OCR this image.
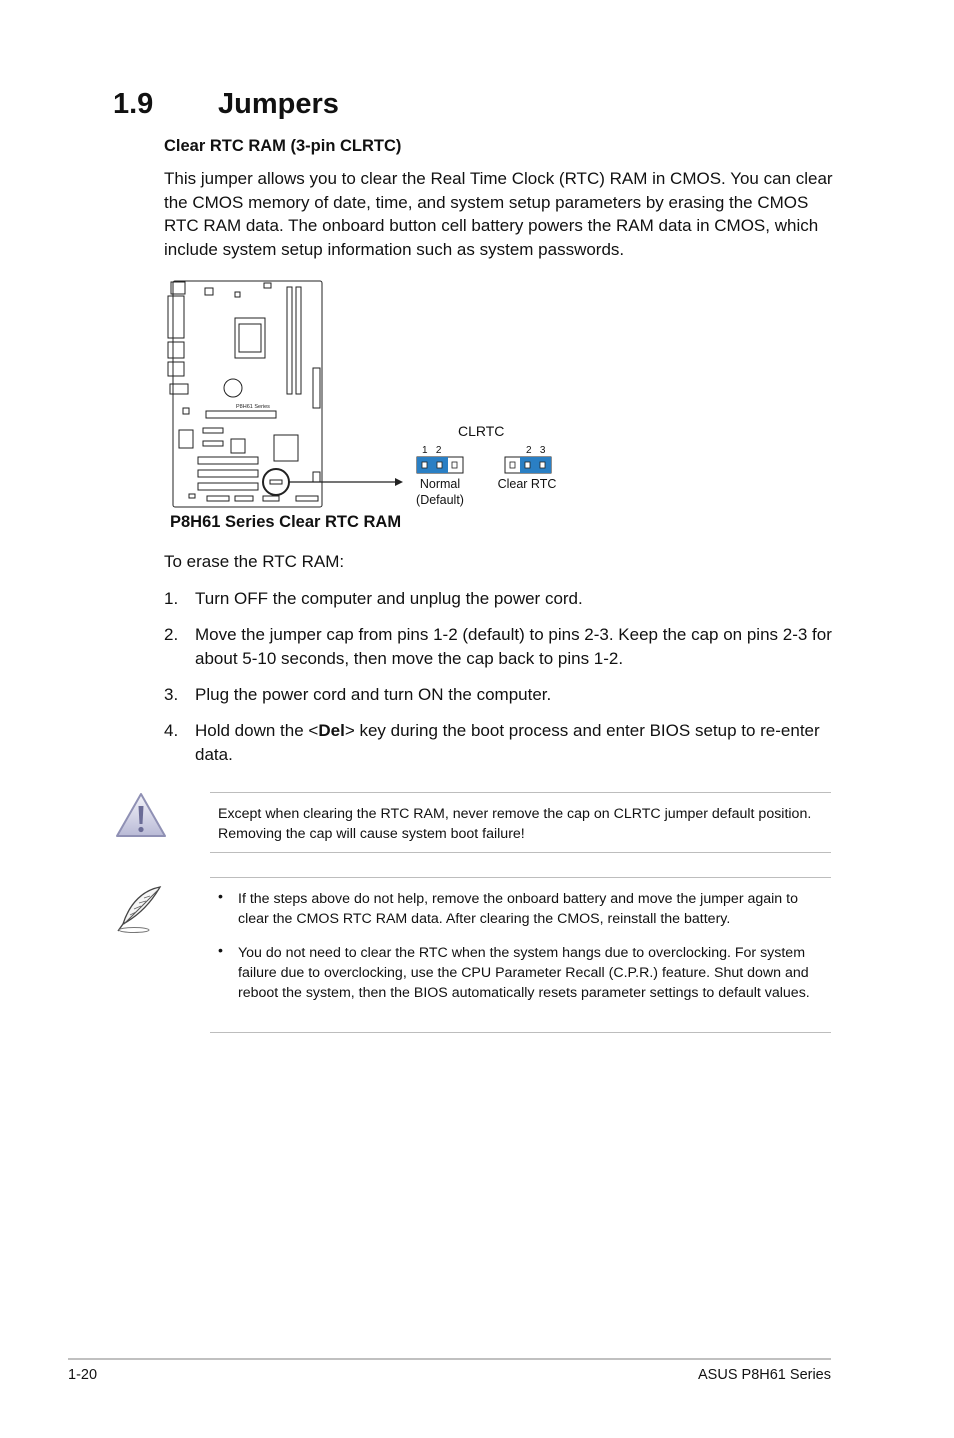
1.9 Jumpers
Clear RTC RAM (3-pin CLRTC)
This jumper allows you to clear the Real Time Clock (RTC) RAM in CMOS. You can clear the CMOS memory of date, time, and system setup parameters by erasing the CMOS RTC RAM data. The onboard button cell battery powers the RAM data in CMOS, which include system setup information such as system passwords.
P8H61 Series
CLRTC
1   2	2   3
Normal
(Default)
Clear RTC
P8H61 Series Clear RTC RAM
To erase the RTC RAM:
1. Turn OFF the computer and unplug the power cord.
2. Move the jumper cap from pins 1-2 (default) to pins 2-3. Keep the cap on pins 2-3 for about 5-10 seconds, then move the cap back to pins 1-2.
3. Plug the power cord and turn ON the computer.
4. Hold down the <Del> key during the boot process and enter BIOS setup to re-enter data.
Except when clearing the RTC RAM, never remove the cap on CLRTC jumper default position. Removing the cap will cause system boot failure!
• If the steps above do not help, remove the onboard battery and move the jumper again to clear the CMOS RTC RAM data. After clearing the CMOS, reinstall the battery.
• You do not need to clear the RTC when the system hangs due to overclocking. For system failure due to overclocking, use the CPU Parameter Recall (C.P.R.) feature. Shut down and reboot the system, then the BIOS automatically resets parameter settings to default values.
1-20	ASUS P8H61 Series
